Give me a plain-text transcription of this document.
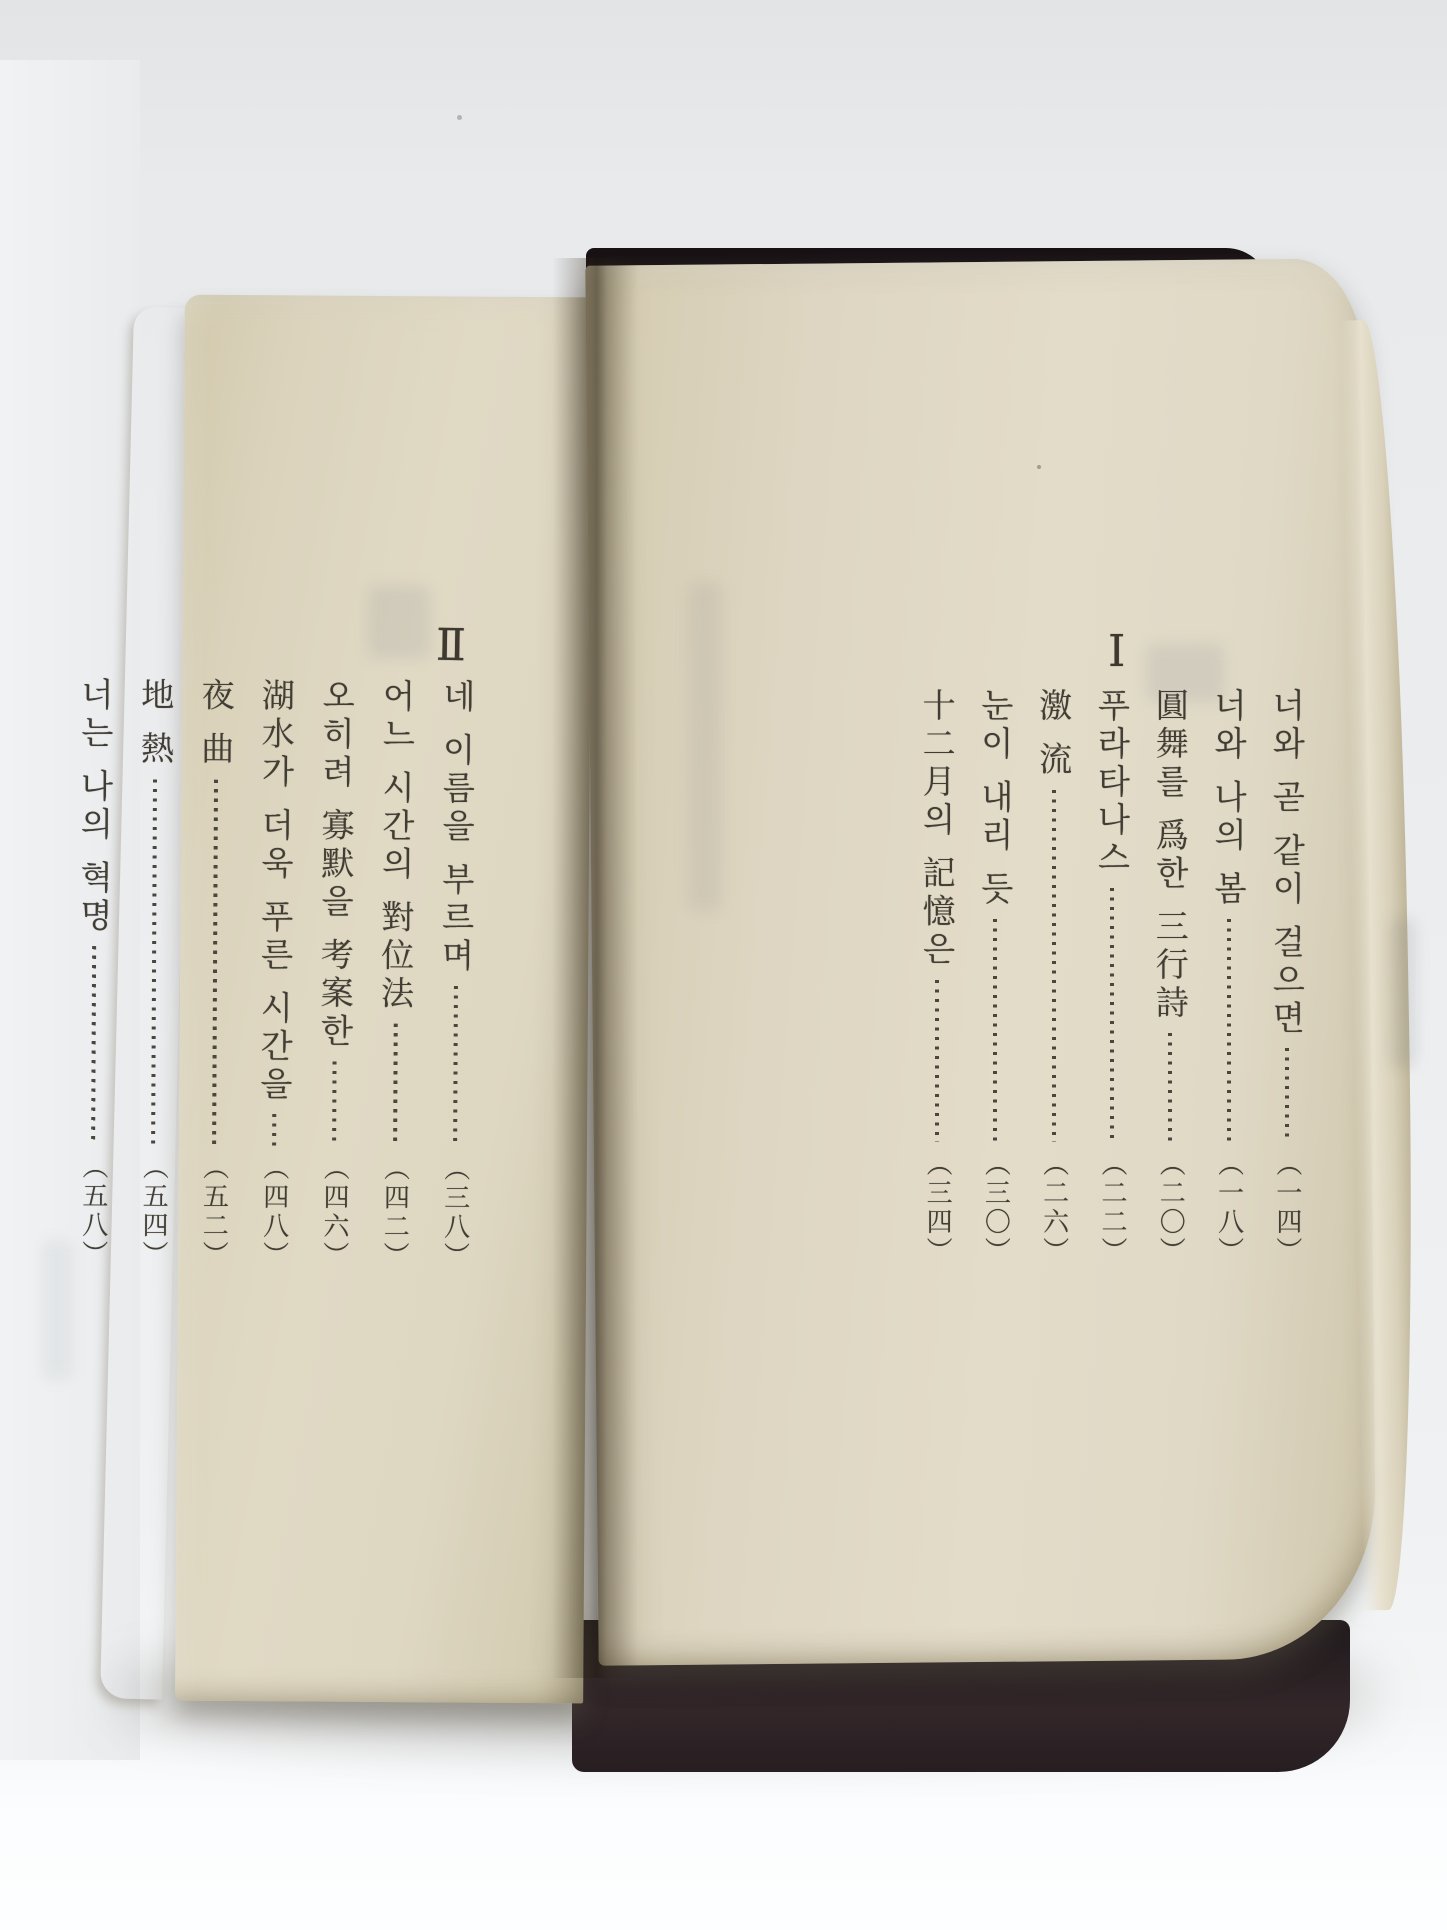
Ⅰ
Ⅱ
너와 곧 같이 걸으면
（一四）
너와 나의 봄
（一八）
圓舞를 爲한 三行詩
（二〇）
푸라타나스
（二二）
激 流
（二六）
눈이 내리 듯
（三〇）
十二月의 記憶은
（三四）
네 이름을 부르며
（三八）
어느 시간의 對位法
（四二）
오히려 寡默을 考案한
（四六）
湖水가 더욱 푸른 시간을
（四八）
夜 曲
（五二）
地 熱
（五四）
너는 나의 혁명
（五八）
